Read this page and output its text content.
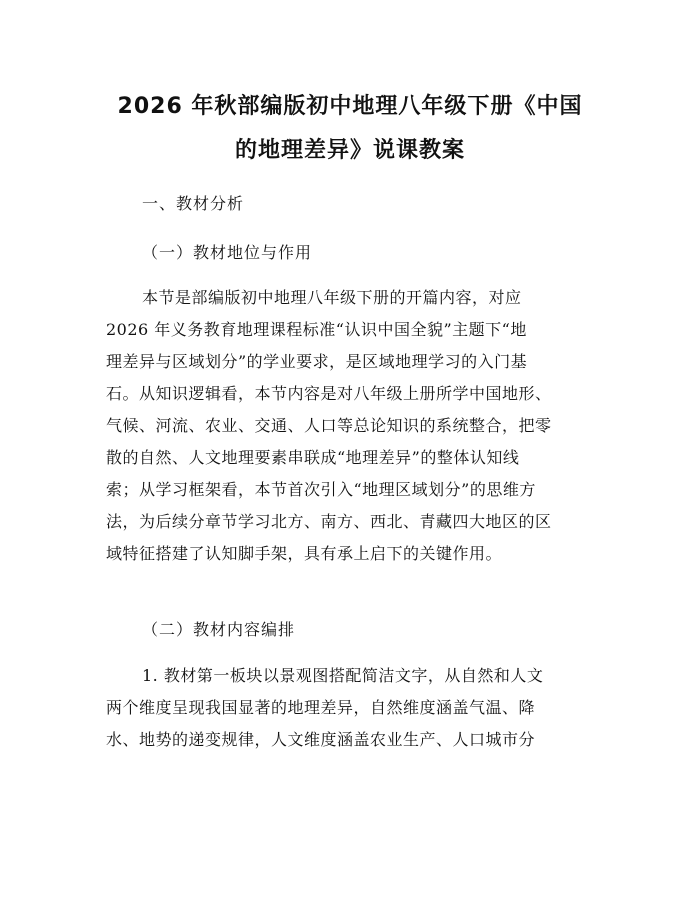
2026 年秋部编版初中地理八年级下册《中国
的地理差异》说课教案

一、教材分析

（一）教材地位与作用

本节是部编版初中地理八年级下册的开篇内容，对应
2026 年义务教育地理课程标准“认识中国全貌”主题下“地
理差异与区域划分”的学业要求，是区域地理学习的入门基
石。从知识逻辑看，本节内容是对八年级上册所学中国地形、
气候、河流、农业、交通、人口等总论知识的系统整合，把零
散的自然、人文地理要素串联成“地理差异”的整体认知线
索；从学习框架看，本节首次引入“地理区域划分”的思维方
法，为后续分章节学习北方、南方、西北、青藏四大地区的区
域特征搭建了认知脚手架，具有承上启下的关键作用。

（二）教材内容编排

1. 教材第一板块以景观图搭配简洁文字，从自然和人文
两个维度呈现我国显著的地理差异，自然维度涵盖气温、降
水、地势的递变规律，人文维度涵盖农业生产、人口城市分
